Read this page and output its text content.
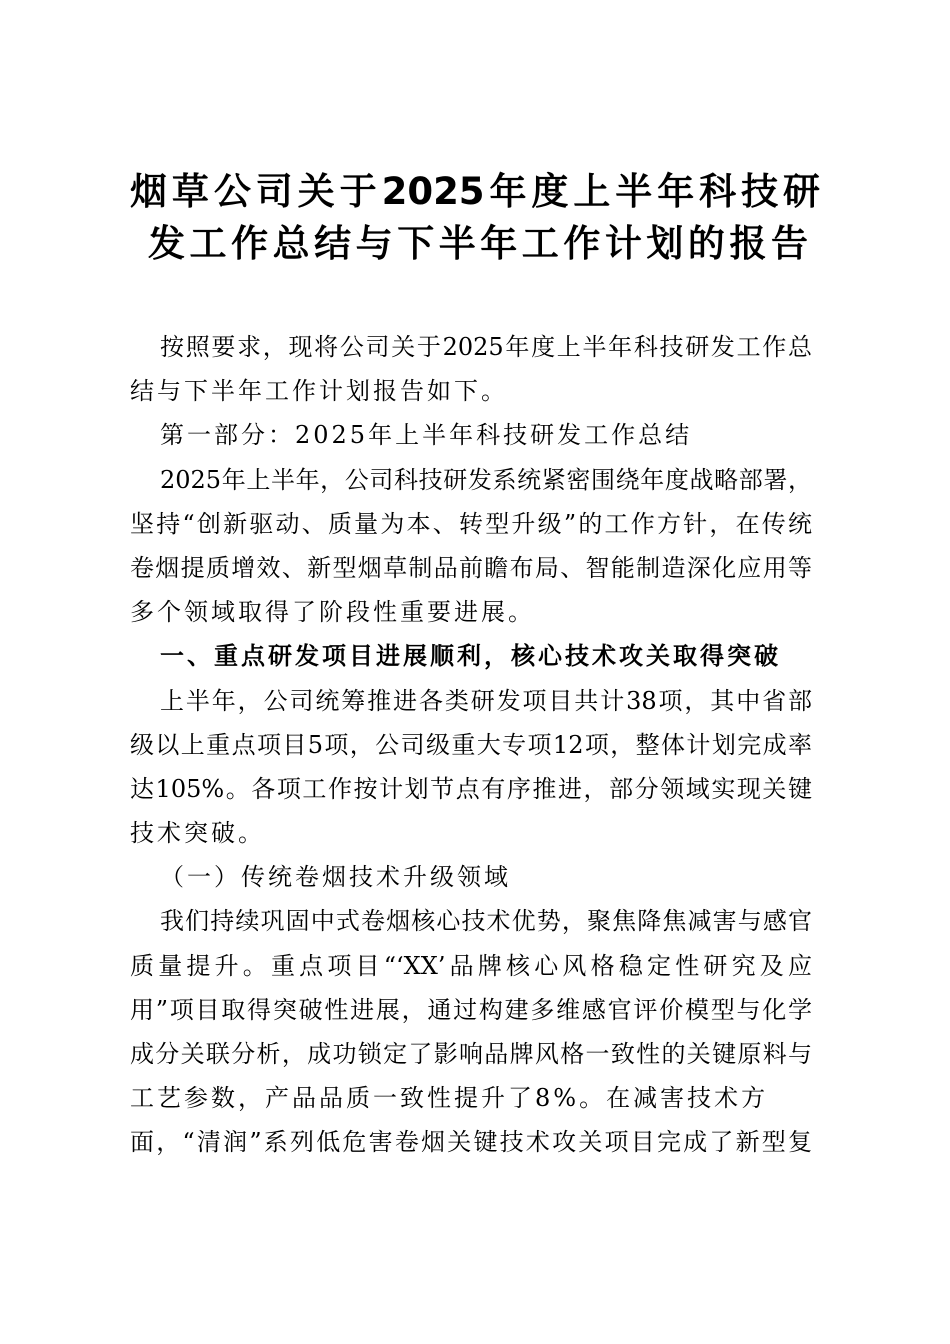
烟草公司关于2025年度上半年科技研
发工作总结与下半年工作计划的报告
按照要求，现将公司关于2025年度上半年科技研发工作总
结与下半年工作计划报告如下。
第一部分：2025年上半年科技研发工作总结
2025年上半年，公司科技研发系统紧密围绕年度战略部署，
坚持“创新驱动、质量为本、转型升级”的工作方针，在传统
卷烟提质增效、新型烟草制品前瞻布局、智能制造深化应用等
多个领域取得了阶段性重要进展。
一、重点研发项目进展顺利，核心技术攻关取得突破
上半年，公司统筹推进各类研发项目共计38项，其中省部
级以上重点项目5项，公司级重大专项12项，整体计划完成率
达105%。各项工作按计划节点有序推进，部分领域实现关键
技术突破。
（一）传统卷烟技术升级领域
我们持续巩固中式卷烟核心技术优势，聚焦降焦减害与感官
质量提升。重点项目“‘XX’品牌核心风格稳定性研究及应
用”项目取得突破性进展，通过构建多维感官评价模型与化学
成分关联分析，成功锁定了影响品牌风格一致性的关键原料与
工艺参数，产品品质一致性提升了8%。在减害技术方
面，“清润”系列低危害卷烟关键技术攻关项目完成了新型复
